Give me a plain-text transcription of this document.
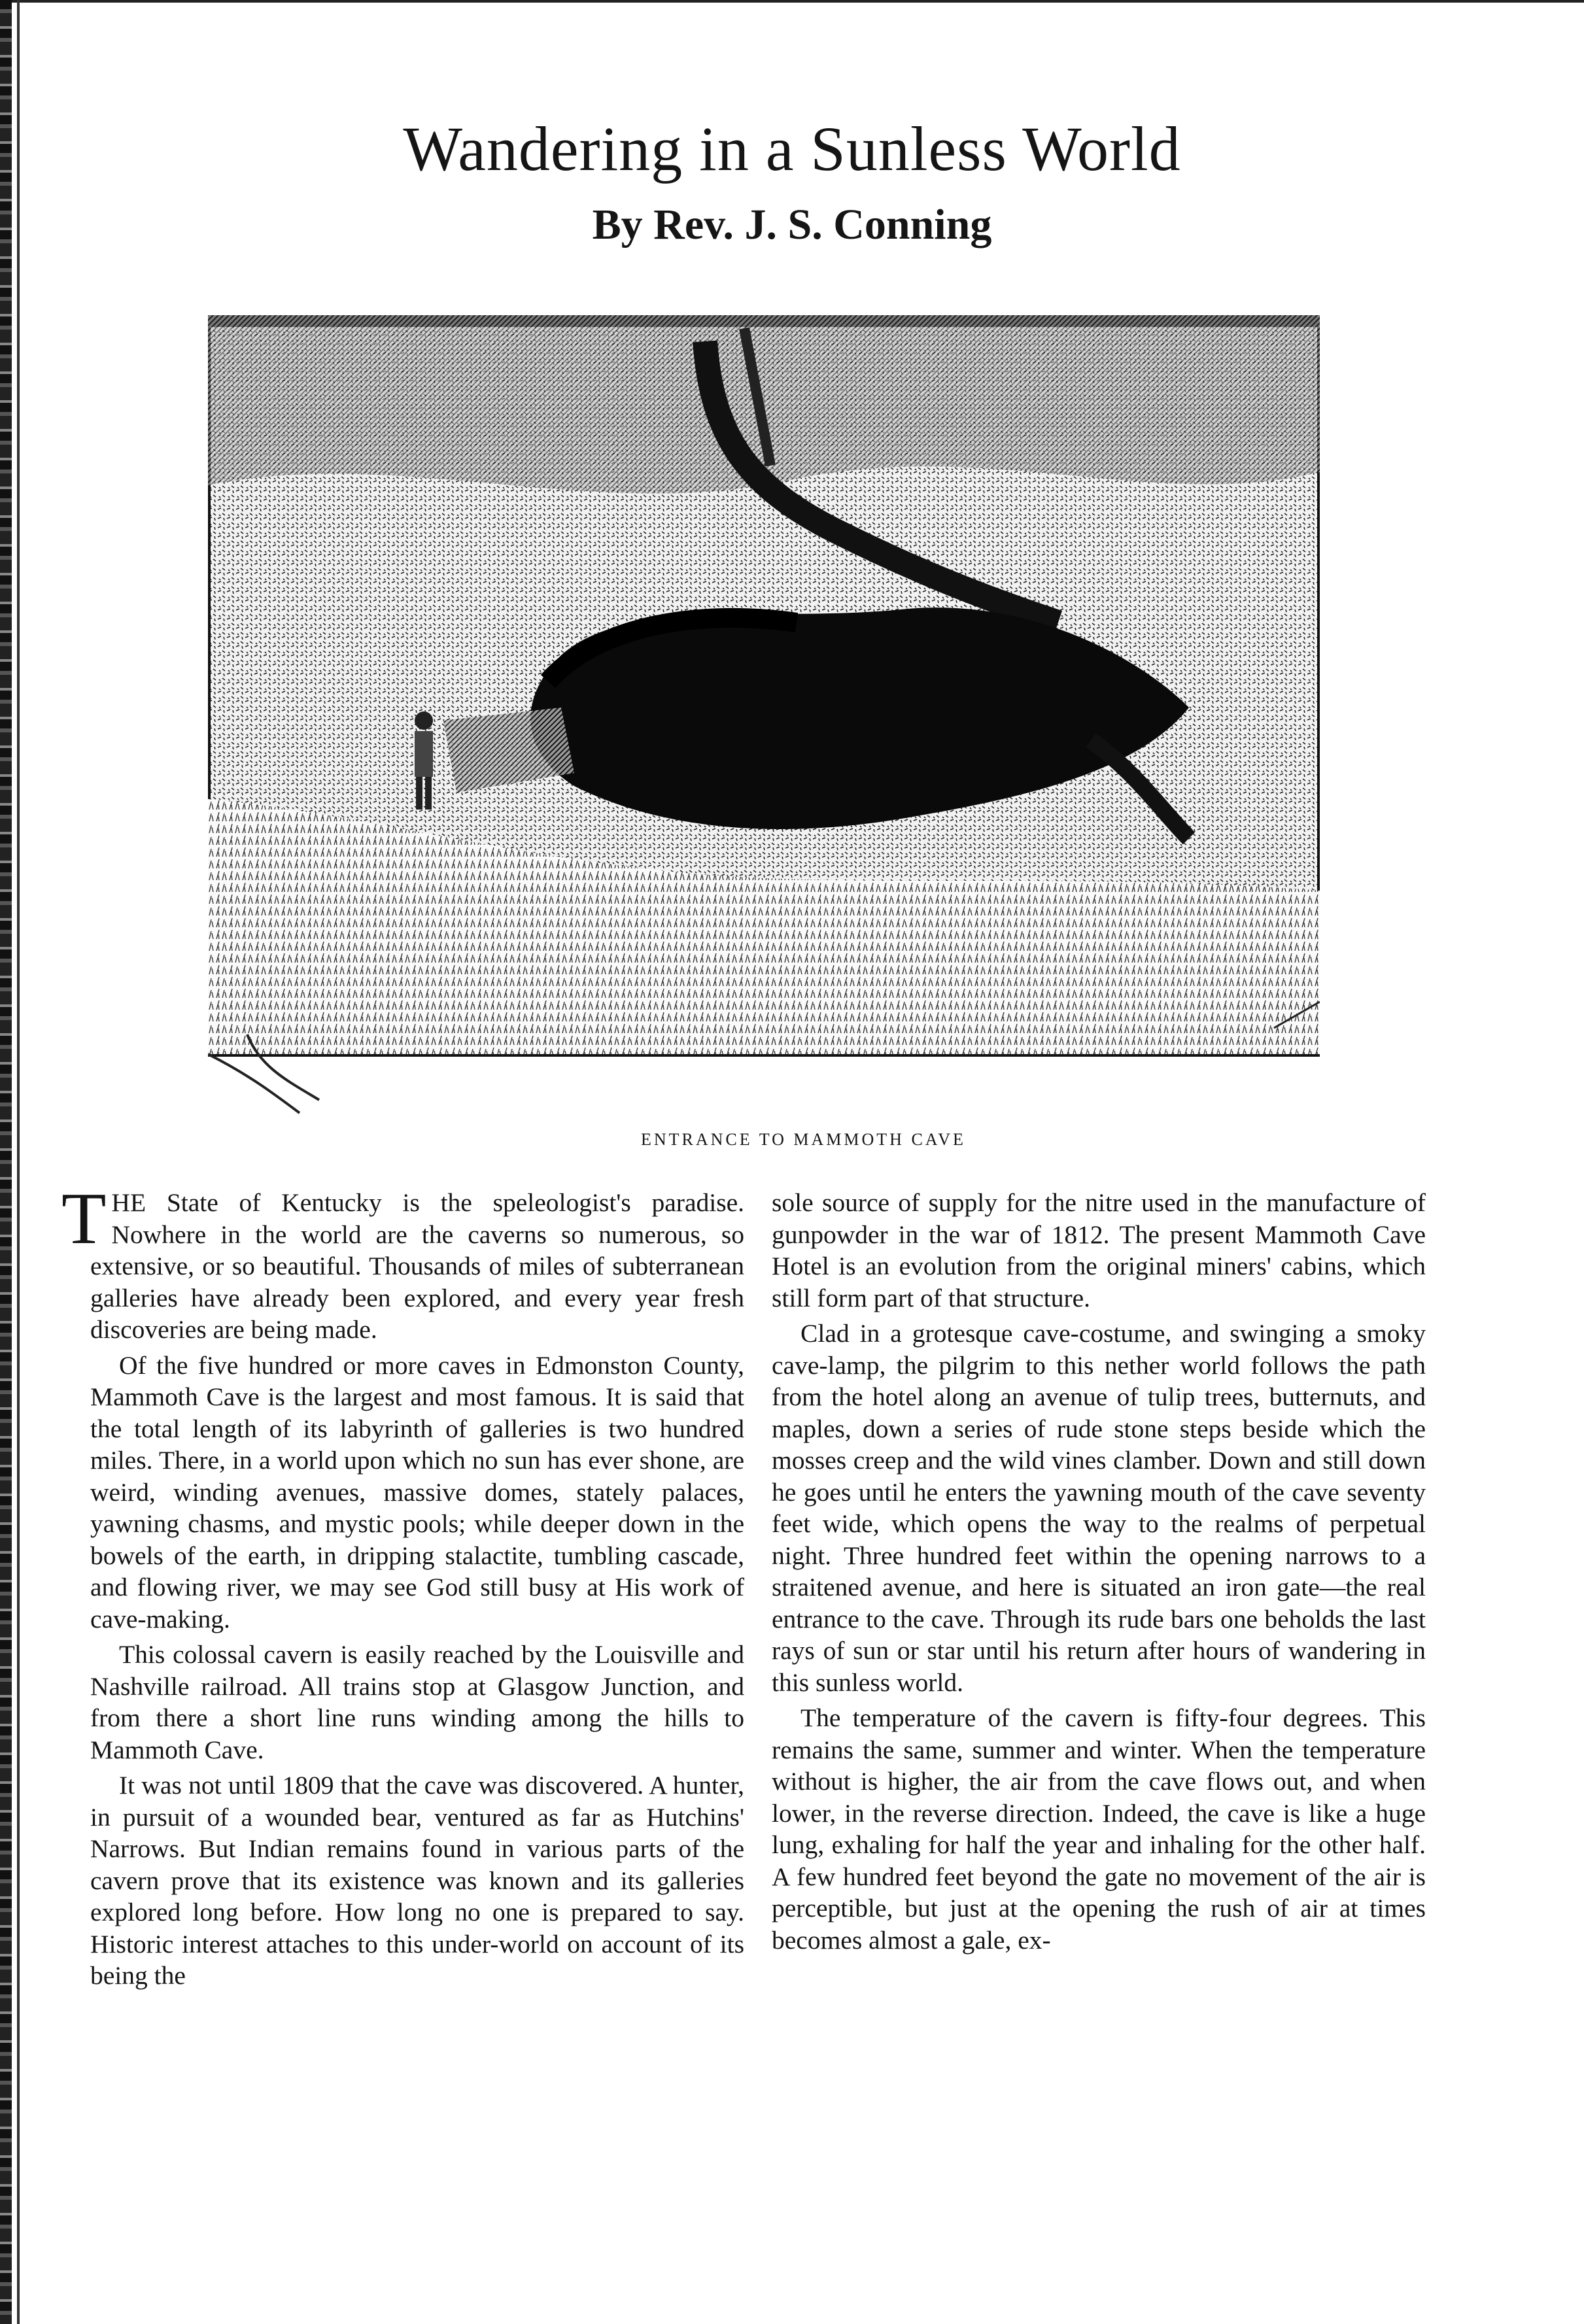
Wandering in a Sunless World
By Rev. J. S. Conning

ENTRANCE TO MAMMOTH CAVE

THE State of Kentucky is the speleologist's paradise. Nowhere in the world are the caverns so numerous, so extensive, or so beautiful. Thousands of miles of subterranean galleries have already been explored, and every year fresh discoveries are being made.

Of the five hundred or more caves in Edmonston County, Mammoth Cave is the largest and most famous. It is said that the total length of its labyrinth of galleries is two hundred miles. There, in a world upon which no sun has ever shone, are weird, winding avenues, massive domes, stately palaces, yawning chasms, and mystic pools; while deeper down in the bowels of the earth, in dripping stalactite, tumbling cascade, and flowing river, we may see God still busy at His work of cave-making.

This colossal cavern is easily reached by the Louisville and Nashville railroad. All trains stop at Glasgow Junction, and from there a short line runs winding among the hills to Mammoth Cave.

It was not until 1809 that the cave was discovered. A hunter, in pursuit of a wounded bear, ventured as far as Hutchins' Narrows. But Indian remains found in various parts of the cavern prove that its existence was known and its galleries explored long before. How long no one is prepared to say. Historic interest attaches to this under-world on account of its being the

sole source of supply for the nitre used in the manufacture of gunpowder in the war of 1812. The present Mammoth Cave Hotel is an evolution from the original miners' cabins, which still form part of that structure.

Clad in a grotesque cave-costume, and swinging a smoky cave-lamp, the pilgrim to this nether world follows the path from the hotel along an avenue of tulip trees, butternuts, and maples, down a series of rude stone steps beside which the mosses creep and the wild vines clamber. Down and still down he goes until he enters the yawning mouth of the cave seventy feet wide, which opens the way to the realms of perpetual night. Three hundred feet within the opening narrows to a straitened avenue, and here is situated an iron gate—the real entrance to the cave. Through its rude bars one beholds the last rays of sun or star until his return after hours of wandering in this sunless world.

The temperature of the cavern is fifty-four degrees. This remains the same, summer and winter. When the temperature without is higher, the air from the cave flows out, and when lower, in the reverse direction. Indeed, the cave is like a huge lung, exhaling for half the year and inhaling for the other half. A few hundred feet beyond the gate no movement of the air is perceptible, but just at the opening the rush of air at times becomes almost a gale, ex-
